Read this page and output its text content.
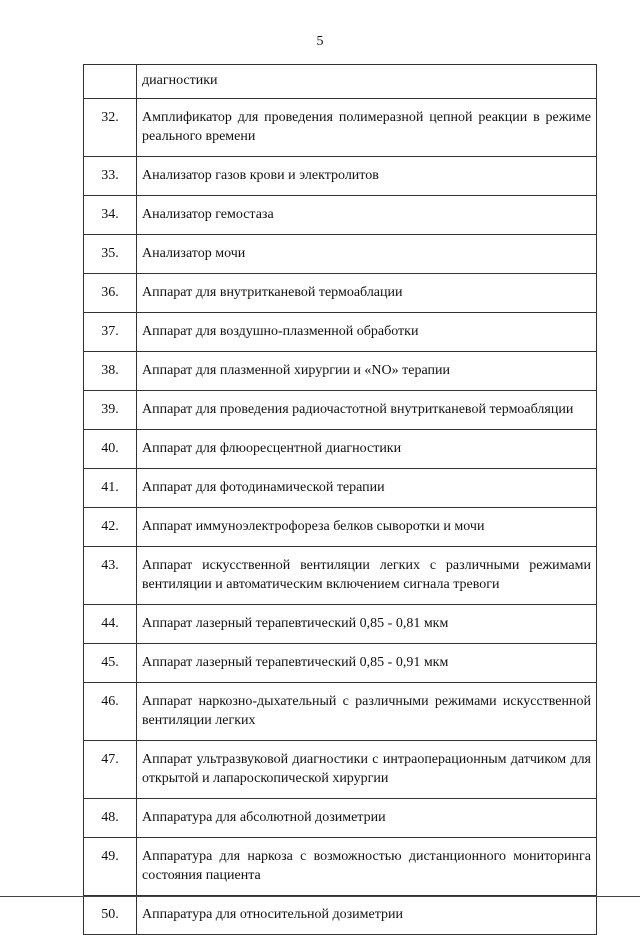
5
	диагностики
32.	Амплификатор для проведения полимеразной цепной реакции в режиме реального времени
33.	Анализатор газов крови и электролитов
34.	Анализатор гемостаза
35.	Анализатор мочи
36.	Аппарат для внутритканевой термоаблации
37.	Аппарат для воздушно-плазменной обработки
38.	Аппарат для плазменной хирургии и «NO» терапии
39.	Аппарат для проведения радиочастотной внутритканевой термоабляции
40.	Аппарат для флюоресцентной диагностики
41.	Аппарат для фотодинамической терапии
42.	Аппарат иммуноэлектрофореза белков сыворотки и мочи
43.	Аппарат искусственной вентиляции легких с различными режимами вентиляции и автоматическим включением сигнала тревоги
44.	Аппарат лазерный терапевтический 0,85 - 0,81 мкм
45.	Аппарат лазерный терапевтический 0,85 - 0,91 мкм
46.	Аппарат наркозно-дыхательный с различными режимами искусственной вентиляции легких
47.	Аппарат ультразвуковой диагностики с интраоперационным датчиком для открытой и лапароскопической хирургии
48.	Аппаратура для абсолютной дозиметрии
49.	Аппаратура для наркоза с возможностью дистанционного мониторинга состояния пациента
50.	Аппаратура для относительной дозиметрии
